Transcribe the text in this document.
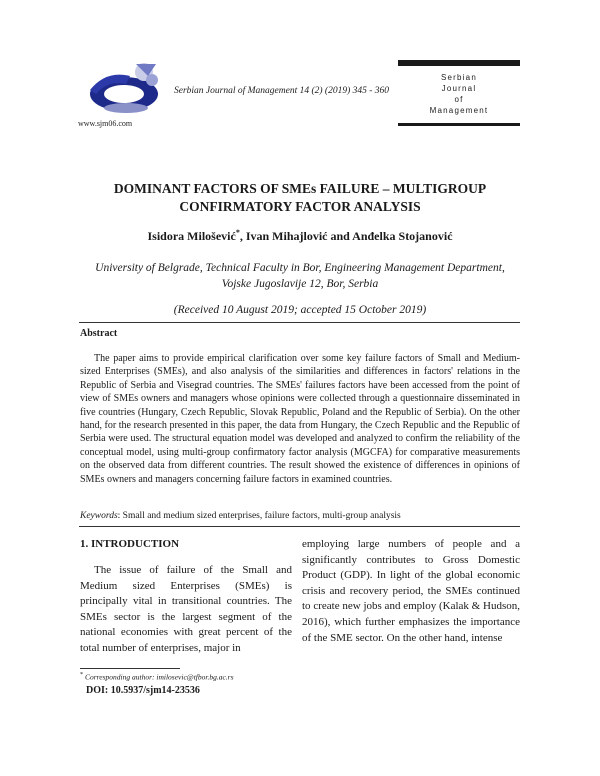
www.sjm06.com
Serbian Journal of Management 14 (2) (2019) 345 - 360
Serbian
Journal
of
Management
DOMINANT FACTORS OF SMEs FAILURE – MULTIGROUP
CONFIRMATORY FACTOR ANALYSIS
Isidora Milošević*, Ivan Mihajlović and Anđelka Stojanović
University of Belgrade, Technical Faculty in Bor, Engineering Management Department,
Vojske Jugoslavije 12, Bor, Serbia
(Received 10 August 2019; accepted 15 October 2019)
Abstract
The paper aims to provide empirical clarification over some key failure factors of Small and Medium-sized Enterprises (SMEs), and also analysis of the similarities and differences in factors' relations in the Republic of Serbia and Visegrad countries. The SMEs' failures factors have been accessed from the point of view of SMEs owners and managers whose opinions were collected through a questionnaire disseminated in five countries (Hungary, Czech Republic, Slovak Republic, Poland and the Republic of Serbia). On the other hand, for the research presented in this paper, the data from Hungary, the Czech Republic and the Republic of Serbia were used. The structural equation model was developed and analyzed to confirm the reliability of the conceptual model, using multi-group confirmatory factor analysis (MGCFA) for comparative measurements on the observed data from different countries. The result showed the existence of differences in opinions of SMEs owners and managers concerning failure factors in examined countries.
Keywords: Small and medium sized enterprises, failure factors, multi-group analysis
1. INTRODUCTION
The issue of failure of the Small and Medium sized Enterprises (SMEs) is principally vital in transitional countries. The SMEs sector is the largest segment of the national economies with great percent of the total number of enterprises, major in
employing large numbers of people and a significantly contributes to Gross Domestic Product (GDP). In light of the global economic crisis and recovery period, the SMEs continued to create new jobs and employ (Kalak & Hudson, 2016), which further emphasizes the importance of the SME sector. On the other hand, intense
* Corresponding author: imilosevic@tfbor.bg.ac.rs
DOI: 10.5937/sjm14-23536
